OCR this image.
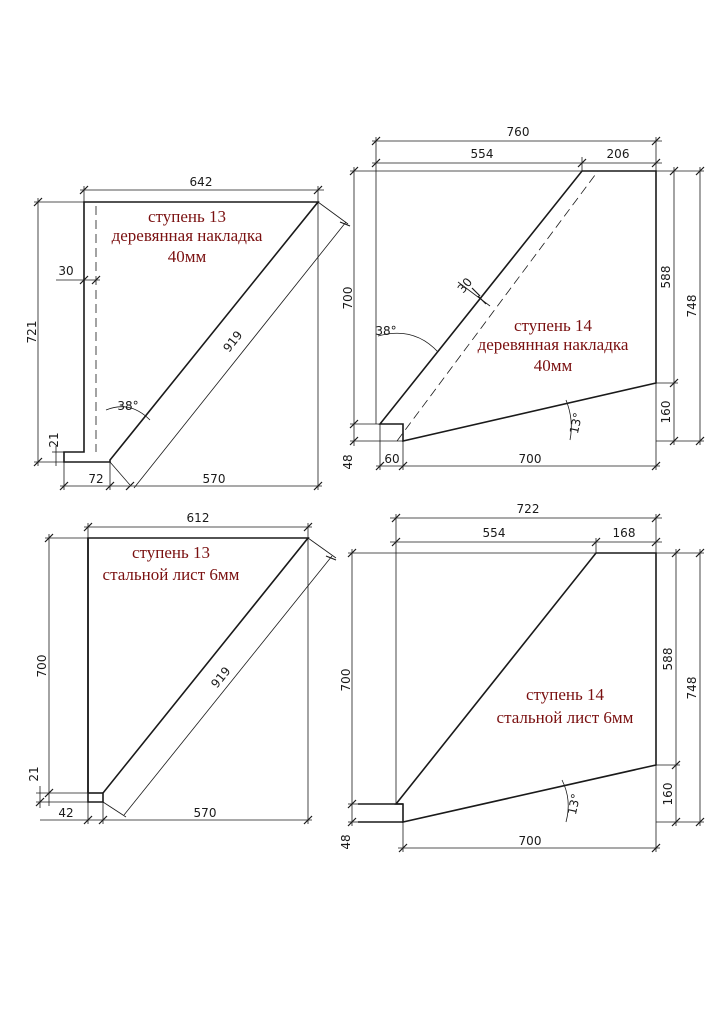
642
721
30
21
72	570
919
38°
ступень 13
деревянная накладка
40мм
760
554	206
700
48
588
160
748
60	700
30
38°
13°
ступень 14
деревянная накладка
40мм
612
700
21
42	570
919
ступень 13
стальной лист 6мм
722
554	168
700
48
588
160
748
700
13°
ступень 14
стальной лист 6мм
